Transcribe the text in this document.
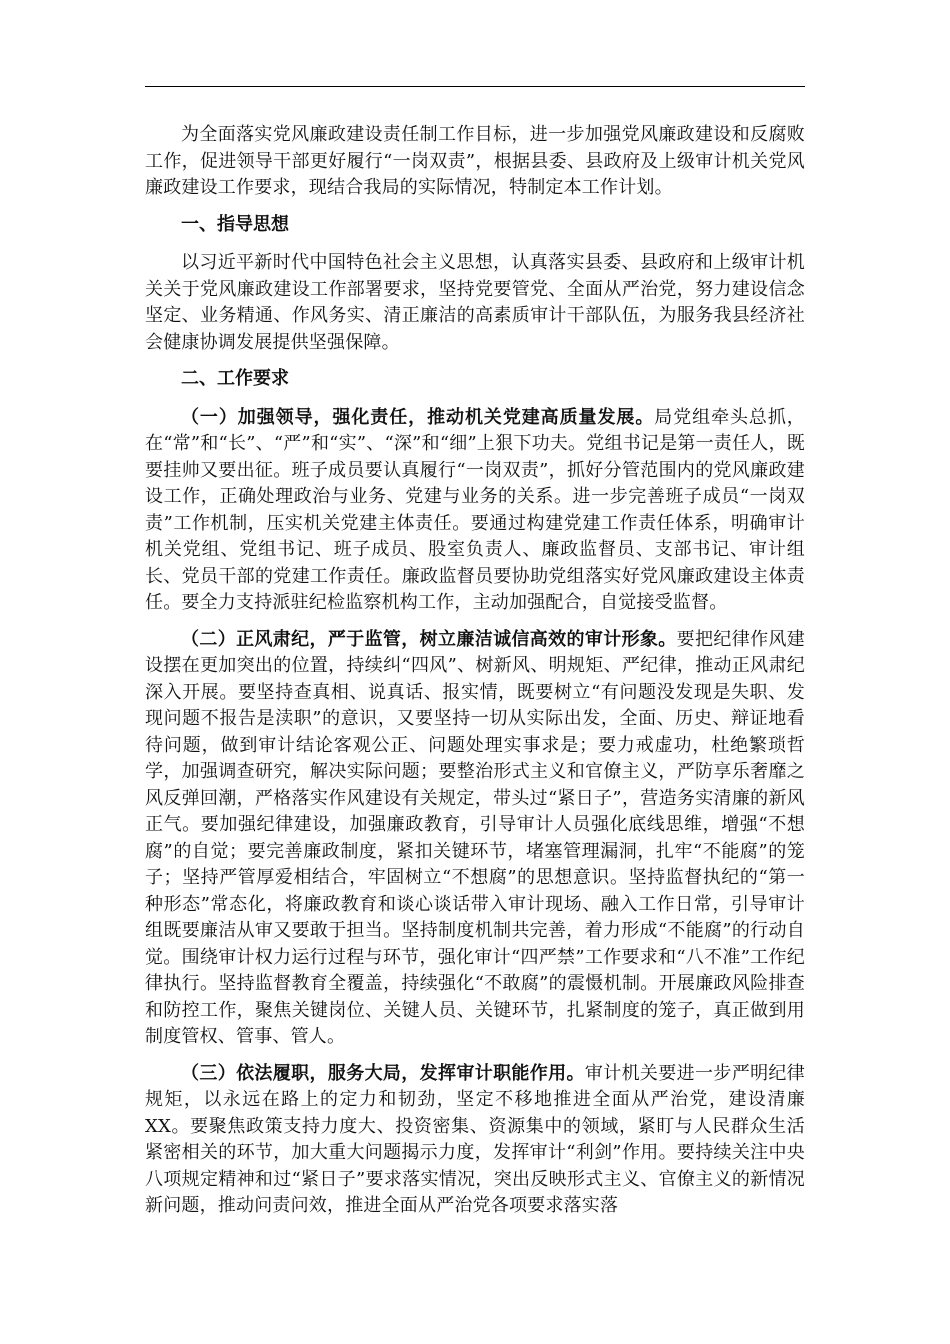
为全面落实党风廉政建设责任制工作目标，进一步加强党风廉政建设和反腐败工作，促进领导干部更好履行“一岗双责”，根据县委、县政府及上级审计机关党风廉政建设工作要求，现结合我局的实际情况，特制定本工作计划。

一、指导思想

以习近平新时代中国特色社会主义思想，认真落实县委、县政府和上级审计机关关于党风廉政建设工作部署要求，坚持党要管党、全面从严治党，努力建设信念坚定、业务精通、作风务实、清正廉洁的高素质审计干部队伍，为服务我县经济社会健康协调发展提供坚强保障。

二、工作要求

（一）加强领导，强化责任，推动机关党建高质量发展。局党组牵头总抓，在“常”和“长”、“严”和“实”、“深”和“细”上狠下功夫。党组书记是第一责任人，既要挂帅又要出征。班子成员要认真履行“一岗双责”，抓好分管范围内的党风廉政建设工作，正确处理政治与业务、党建与业务的关系。进一步完善班子成员“一岗双责”工作机制，压实机关党建主体责任。要通过构建党建工作责任体系，明确审计机关党组、党组书记、班子成员、股室负责人、廉政监督员、支部书记、审计组长、党员干部的党建工作责任。廉政监督员要协助党组落实好党风廉政建设主体责任。要全力支持派驻纪检监察机构工作，主动加强配合，自觉接受监督。

（二）正风肃纪，严于监管，树立廉洁诚信高效的审计形象。要把纪律作风建设摆在更加突出的位置，持续纠“四风”、树新风、明规矩、严纪律，推动正风肃纪深入开展。要坚持查真相、说真话、报实情，既要树立“有问题没发现是失职、发现问题不报告是渎职”的意识，又要坚持一切从实际出发，全面、历史、辩证地看待问题，做到审计结论客观公正、问题处理实事求是；要力戒虚功，杜绝繁琐哲学，加强调查研究，解决实际问题；要整治形式主义和官僚主义，严防享乐奢靡之风反弹回潮，严格落实作风建设有关规定，带头过“紧日子”，营造务实清廉的新风正气。要加强纪律建设，加强廉政教育，引导审计人员强化底线思维，增强“不想腐”的自觉；要完善廉政制度，紧扣关键环节，堵塞管理漏洞，扎牢“不能腐”的笼子；坚持严管厚爱相结合，牢固树立“不想腐”的思想意识。坚持监督执纪的“第一种形态”常态化，将廉政教育和谈心谈话带入审计现场、融入工作日常，引导审计组既要廉洁从审又要敢于担当。坚持制度机制共完善，着力形成“不能腐”的行动自觉。围绕审计权力运行过程与环节，强化审计“四严禁”工作要求和“八不准”工作纪律执行。坚持监督教育全覆盖，持续强化“不敢腐”的震慑机制。开展廉政风险排查和防控工作，聚焦关键岗位、关键人员、关键环节，扎紧制度的笼子，真正做到用制度管权、管事、管人。

（三）依法履职，服务大局，发挥审计职能作用。审计机关要进一步严明纪律规矩，以永远在路上的定力和韧劲，坚定不移地推进全面从严治党，建设清廉XX。要聚焦政策支持力度大、投资密集、资源集中的领域，紧盯与人民群众生活紧密相关的环节，加大重大问题揭示力度，发挥审计“利剑”作用。要持续关注中央八项规定精神和过“紧日子”要求落实情况，突出反映形式主义、官僚主义的新情况新问题，推动问责问效，推进全面从严治党各项要求落实落
